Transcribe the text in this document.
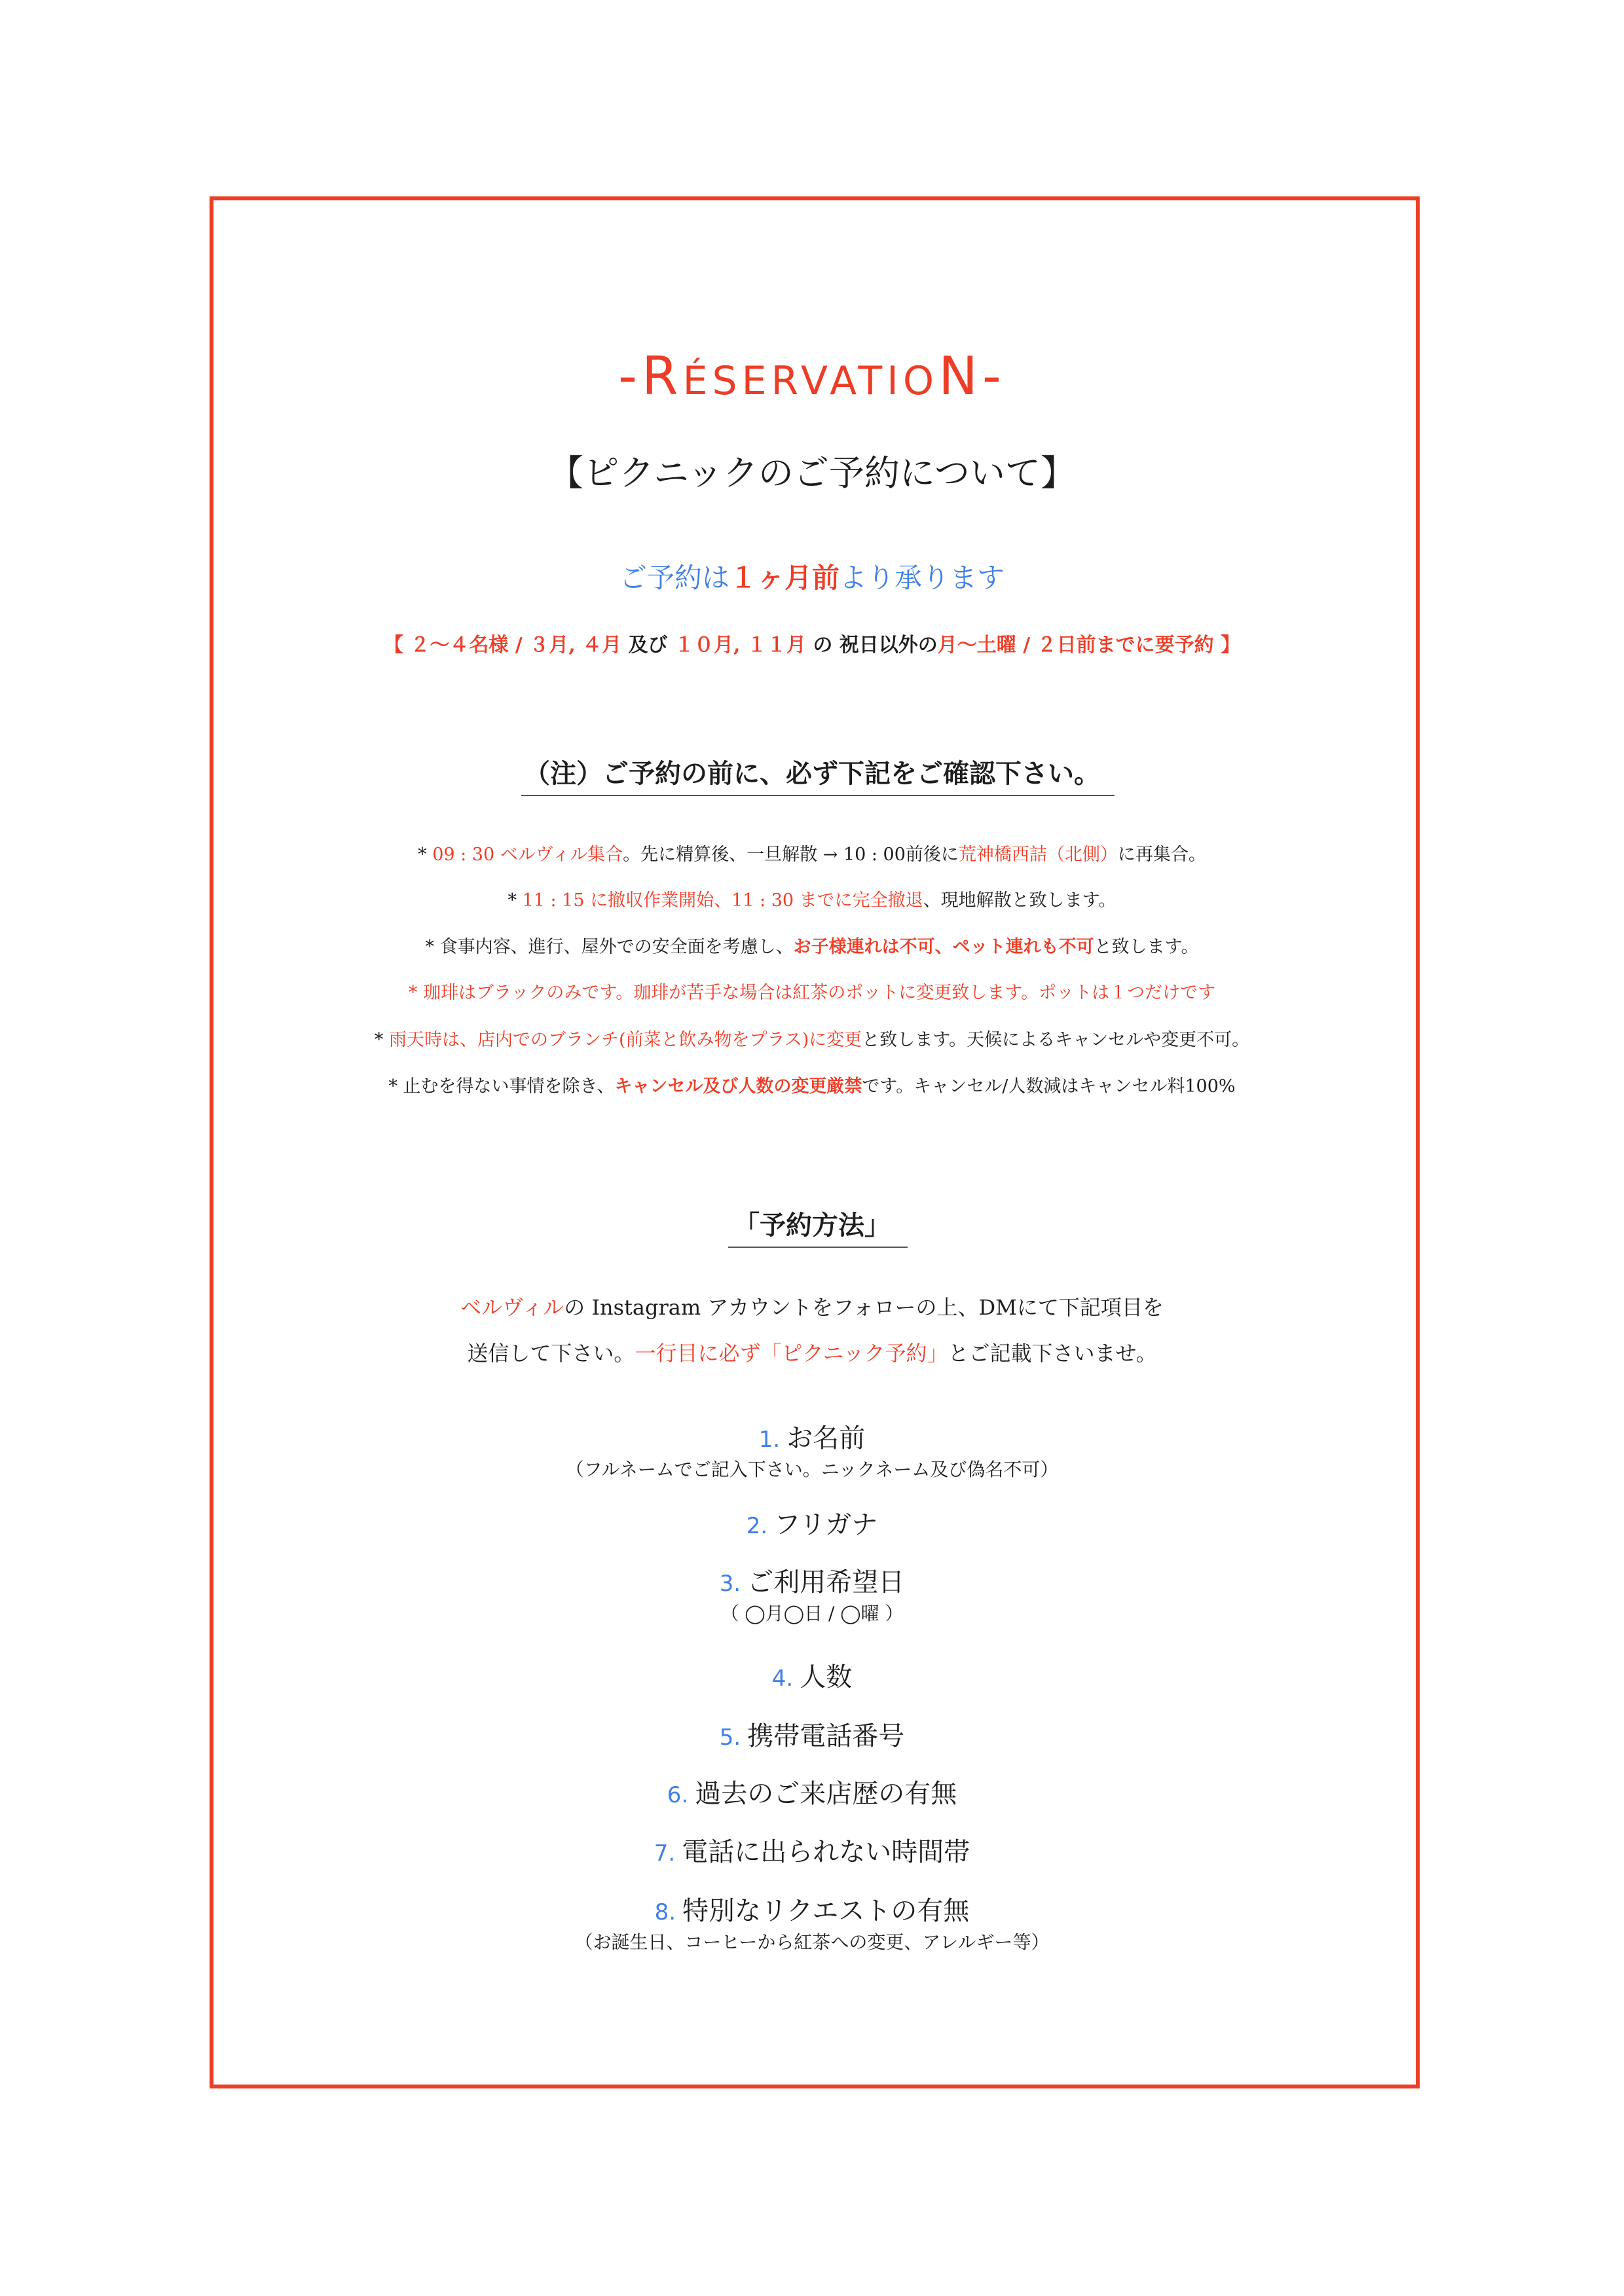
-RÉSERVATION-
【ピクニックのご予約について】
ご予約は１ヶ月前より承ります
【 ２〜４名様 / ３月, ４月 及び １０月, １１月 の 祝日以外の月〜土曜 / ２日前までに要予約 】
（注）ご予約の前に、必ず下記をご確認下さい。
* 09 : 30 ベルヴィル集合。先に精算後、一旦解散 → 10 : 00前後に荒神橋西詰（北側）に再集合。
* 11 : 15 に撤収作業開始、11 : 30 までに完全撤退、現地解散と致します。
* 食事内容、進行、屋外での安全面を考慮し、お子様連れは不可、ペット連れも不可と致します。
* 珈琲はブラックのみです。珈琲が苦手な場合は紅茶のポットに変更致します。ポットは１つだけです
* 雨天時は、店内でのブランチ(前菜と飲み物をプラス)に変更と致します。天候によるキャンセルや変更不可。
* 止むを得ない事情を除き、キャンセル及び人数の変更厳禁です。キャンセル/人数減はキャンセル料100%
「予約方法」
ベルヴィルの Instagram アカウントをフォローの上、DMにて下記項目を
送信して下さい。一行目に必ず「ピクニック予約」とご記載下さいませ。
1. お名前
（フルネームでご記入下さい。ニックネーム及び偽名不可）
2. フリガナ
3. ご利用希望日
（ ◯月◯日 / ◯曜 ）
4. 人数
5. 携帯電話番号
6. 過去のご来店歴の有無
7. 電話に出られない時間帯
8. 特別なリクエストの有無
（お誕生日、コーヒーから紅茶への変更、アレルギー等）
